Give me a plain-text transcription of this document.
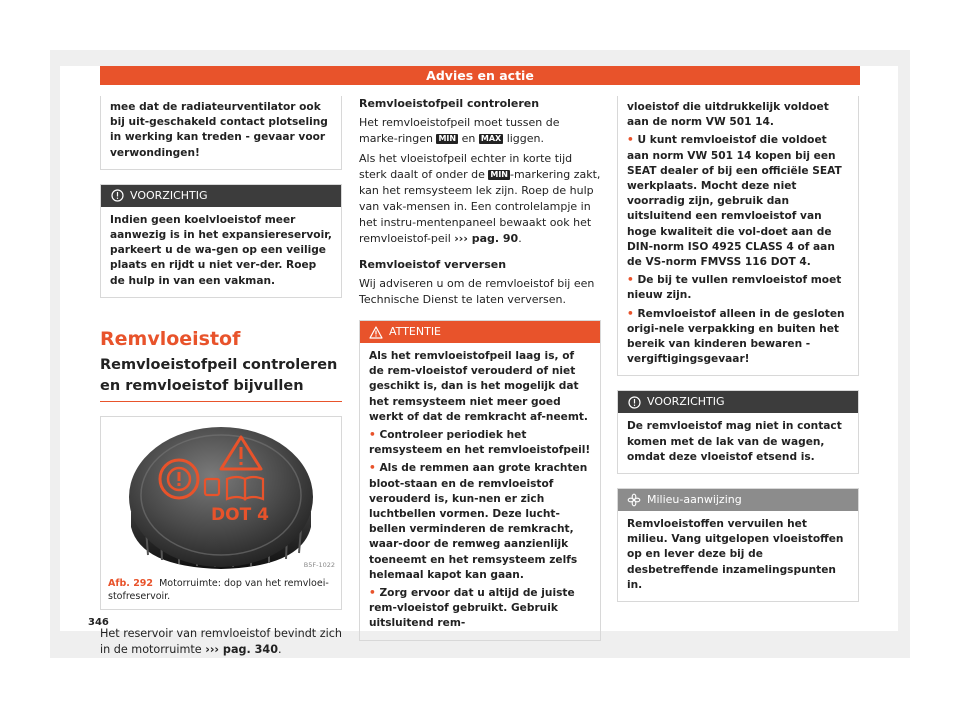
Advies en actie

mee dat de radiateurventilator ook bij uit-geschakeld contact plotseling in werking kan treden - gevaar voor verwondingen!

VOORZICHTIG

Indien geen koelvloeistof meer aanwezig is in het expansiereservoir, parkeert u de wa-gen op een veilige plaats en rijdt u niet ver-der. Roep de hulp in van een vakman.

Remvloeistof

Remvloeistofpeil controleren en remvloeistof bijvullen

DOT 4
B5F-1022

Afb. 292 Motorruimte: dop van het remvloei-stofreservoir.

Het reservoir van remvloeistof bevindt zich in de motorruimte ››› pag. 340.

Remvloeistofpeil controleren

Het remvloeistofpeil moet tussen de marke-ringen MIN en MAX liggen.

Als het vloeistofpeil echter in korte tijd sterk daalt of onder de MIN -markering zakt, kan het remsysteem lek zijn. Roep de hulp van vak-mensen in. Een controlelampje in het instru-mentenpaneel bewaakt ook het remvloeistof-peil ››› pag. 90.

Remvloeistof verversen

Wij adviseren u om de remvloeistof bij een Technische Dienst te laten verversen.

ATTENTIE

Als het remvloeistofpeil laag is, of de rem-vloeistof verouderd of niet geschikt is, dan is het mogelijk dat het remsysteem niet meer goed werkt of dat de remkracht af-neemt.

• Controleer periodiek het remsysteem en het remvloeistofpeil!

• Als de remmen aan grote krachten bloot-staan en de remvloeistof verouderd is, kun-nen er zich luchtbellen vormen. Deze lucht-bellen verminderen de remkracht, waar-door de remweg aanzienlijk toeneemt en het remsysteem zelfs helemaal kapot kan gaan.

• Zorg ervoor dat u altijd de juiste rem-vloeistof gebruikt. Gebruik uitsluitend rem-

vloeistof die uitdrukkelijk voldoet aan de norm VW 501 14.

• U kunt remvloeistof die voldoet aan norm VW 501 14 kopen bij een SEAT dealer of bij een officiële SEAT werkplaats. Mocht deze niet voorradig zijn, gebruik dan uitsluitend een remvloeistof van hoge kwaliteit die vol-doet aan de DIN-norm ISO 4925 CLASS 4 of aan de VS-norm FMVSS 116 DOT 4.

• De bij te vullen remvloeistof moet nieuw zijn.

• Remvloeistof alleen in de gesloten origi-nele verpakking en buiten het bereik van kinderen bewaren - vergiftigingsgevaar!

VOORZICHTIG

De remvloeistof mag niet in contact komen met de lak van de wagen, omdat deze vloeistof etsend is.

Milieu-aanwijzing

Remvloeistoffen vervuilen het milieu. Vang uitgelopen vloeistoffen op en lever deze bij de desbetreffende inzamelingspunten in.

346
